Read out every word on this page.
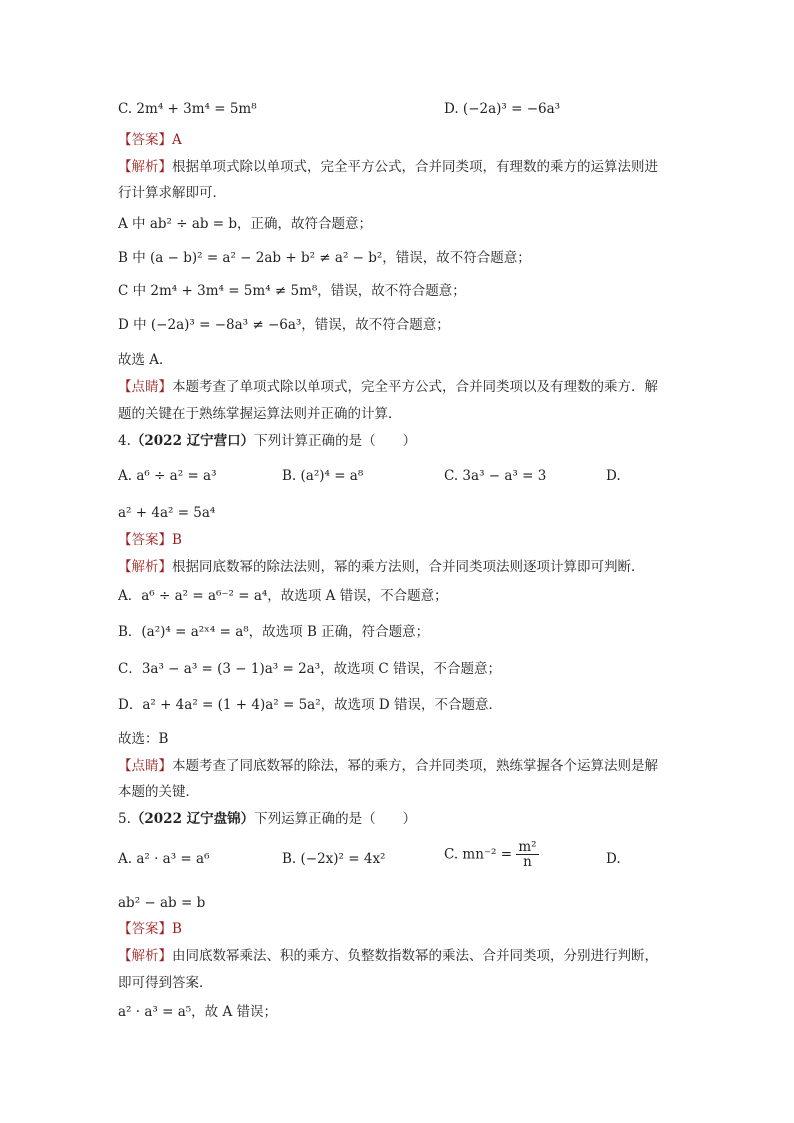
C. 2m⁴ + 3m⁴ = 5m⁸	D. (−2a)³ = −6a³
【答案】A
【解析】根据单项式除以单项式，完全平方公式，合并同类项，有理数的乘方的运算法则进
行计算求解即可．
A 中 ab² ÷ ab = b，正确，故符合题意；
B 中 (a − b)² = a² − 2ab + b² ≠ a² − b²，错误，故不符合题意；
C 中 2m⁴ + 3m⁴ = 5m⁴ ≠ 5m⁸，错误，故不符合题意；
D 中 (−2a)³ = −8a³ ≠ −6a³，错误，故不符合题意；
故选 A．
【点睛】本题考查了单项式除以单项式，完全平方公式，合并同类项以及有理数的乘方．解
题的关键在于熟练掌握运算法则并正确的计算．
4.（2022 辽宁营口）下列计算正确的是（　　）
A. a⁶ ÷ a² = a³	B. (a²)⁴ = a⁸	C. 3a³ − a³ = 3	D.
a² + 4a² = 5a⁴
【答案】B
【解析】根据同底数幂的除法法则，幂的乘方法则，合并同类项法则逐项计算即可判断．
A．a⁶ ÷ a² = a⁶⁻² = a⁴，故选项 A 错误，不合题意；
B．(a²)⁴ = a²ˣ⁴ = a⁸，故选项 B 正确，符合题意；
C．3a³ − a³ = (3 − 1)a³ = 2a³，故选项 C 错误，不合题意；
D．a² + 4a² = (1 + 4)a² = 5a²，故选项 D 错误，不合题意．
故选：B
【点睛】本题考查了同底数幂的除法，幂的乘方，合并同类项，熟练掌握各个运算法则是解
本题的关键．
5.（2022 辽宁盘锦）下列运算正确的是（　　）
A. a² · a³ = a⁶	B. (−2x)² = 4x²	C. $mn^{-2} = \frac{\text{m²}}{n}$	D.
ab² − ab = b
【答案】B
【解析】由同底数幂乘法、积的乘方、负整数指数幂的乘法、合并同类项，分别进行判断，
即可得到答案．
a² · a³ = a⁵，故 A 错误；
